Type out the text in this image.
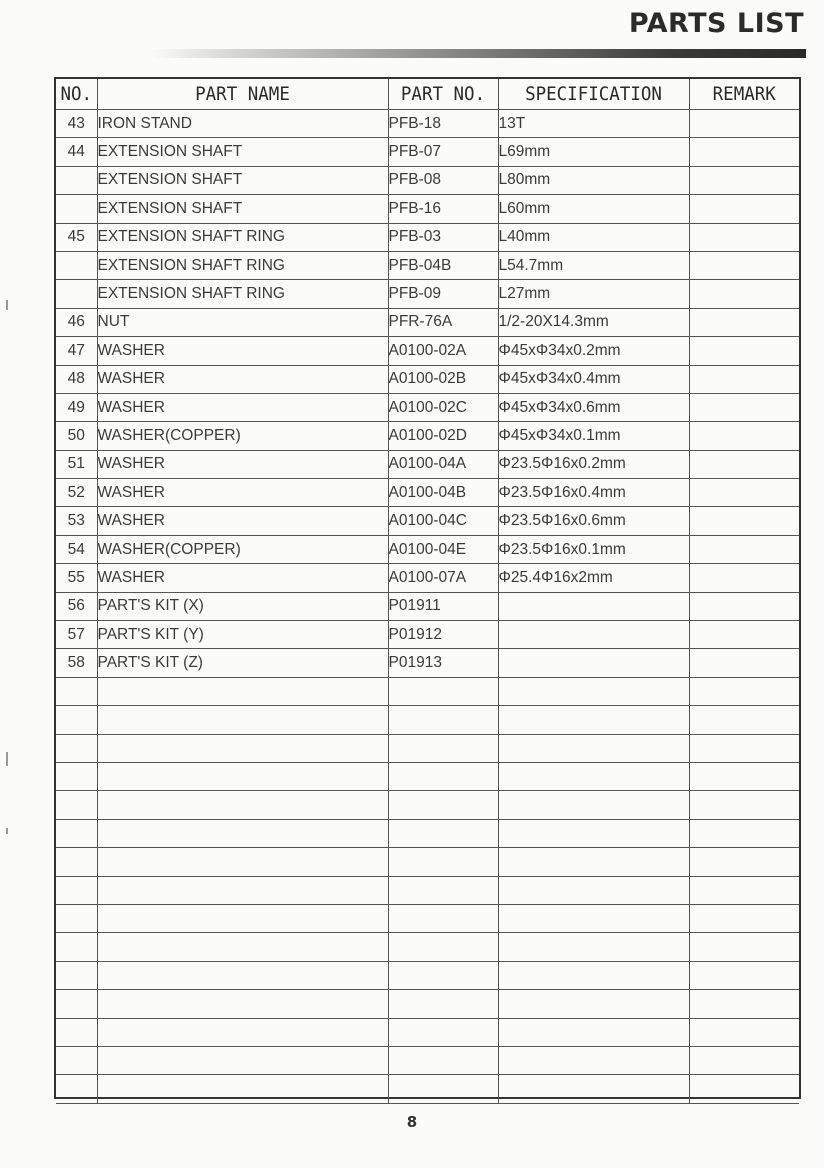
PARTS LIST
NO.	PART NAME	PART NO.	SPECIFICATION	REMARK
43	IRON STAND	PFB-18	13T	
44	EXTENSION SHAFT	PFB-07	L69mm	
	EXTENSION SHAFT	PFB-08	L80mm	
	EXTENSION SHAFT	PFB-16	L60mm	
45	EXTENSION SHAFT RING	PFB-03	L40mm	
	EXTENSION SHAFT RING	PFB-04B	L54.7mm	
	EXTENSION SHAFT RING	PFB-09	L27mm	
46	NUT	PFR-76A	1/2-20X14.3mm	
47	WASHER	A0100-02A	Φ45xΦ34x0.2mm	
48	WASHER	A0100-02B	Φ45xΦ34x0.4mm	
49	WASHER	A0100-02C	Φ45xΦ34x0.6mm	
50	WASHER(COPPER)	A0100-02D	Φ45xΦ34x0.1mm	
51	WASHER	A0100-04A	Φ23.5Φ16x0.2mm	
52	WASHER	A0100-04B	Φ23.5Φ16x0.4mm	
53	WASHER	A0100-04C	Φ23.5Φ16x0.6mm	
54	WASHER(COPPER)	A0100-04E	Φ23.5Φ16x0.1mm	
55	WASHER	A0100-07A	Φ25.4Φ16x2mm	
56	PART'S KIT (X)	P01911		
57	PART'S KIT (Y)	P01912		
58	PART'S KIT (Z)	P01913		

8
